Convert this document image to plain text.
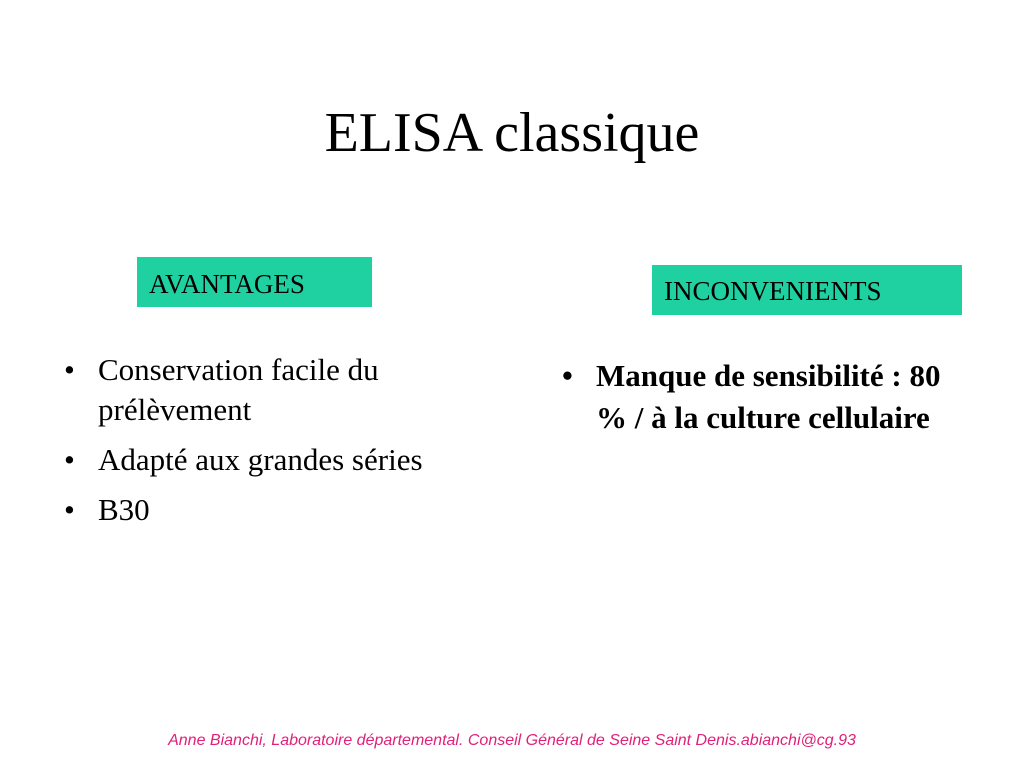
ELISA classique
AVANTAGES	INCONVENIENTS
• Conservation facile du prélèvement
• Adapté aux grandes séries
• B30
• Manque de sensibilité : 80 % / à la culture cellulaire
Anne Bianchi, Laboratoire départemental. Conseil Général de Seine Saint Denis.abianchi@cg.93
